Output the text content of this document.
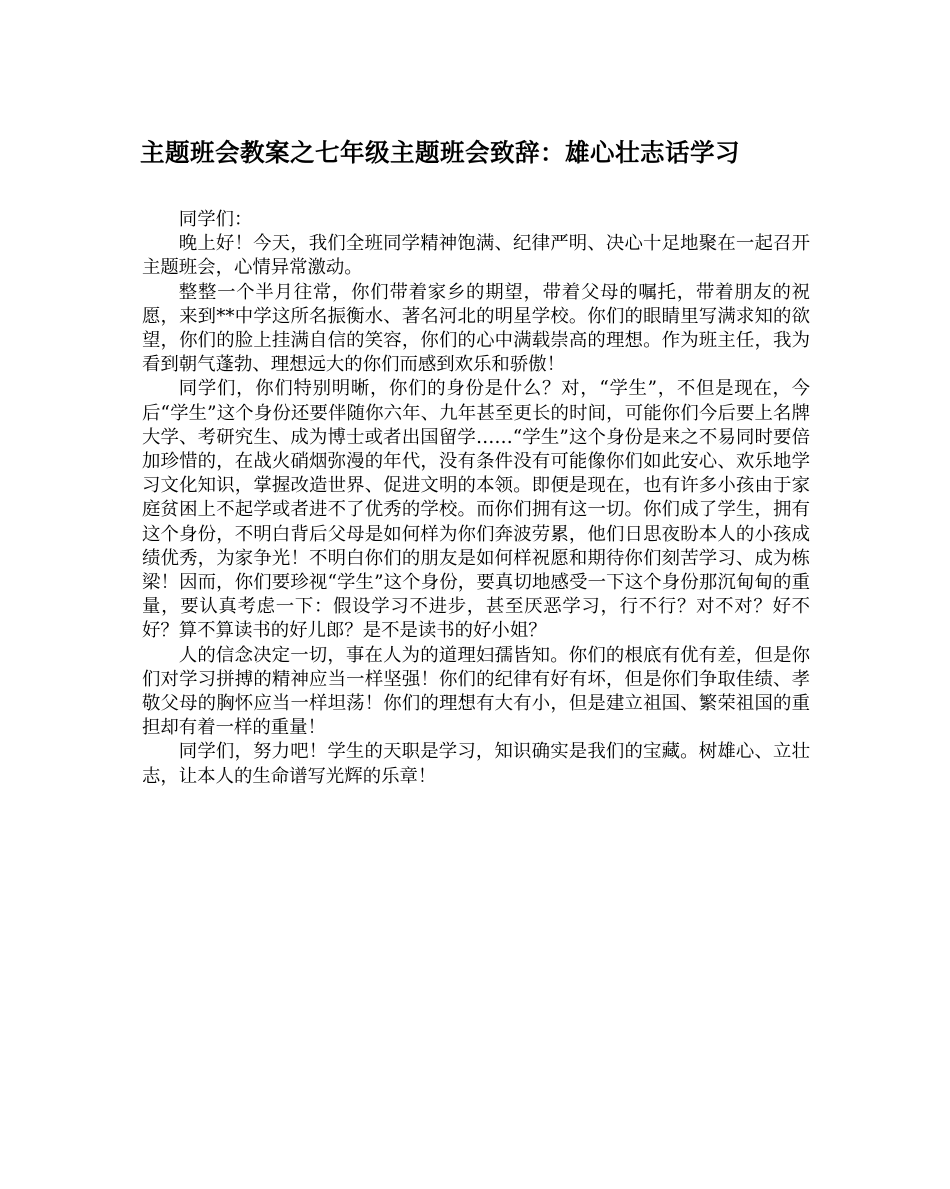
主题班会教案之七年级主题班会致辞：雄心壮志话学习

同学们：

晚上好！今天，我们全班同学精神饱满、纪律严明、决心十足地聚在一起召开主题班会，心情异常激动。

整整一个半月往常，你们带着家乡的期望，带着父母的嘱托，带着朋友的祝愿，来到**中学这所名振衡水、著名河北的明星学校。你们的眼睛里写满求知的欲望，你们的脸上挂满自信的笑容，你们的心中满载崇高的理想。作为班主任，我为看到朝气蓬勃、理想远大的你们而感到欢乐和骄傲！

同学们，你们特别明晰，你们的身份是什么？对，“学生”，不但是现在，今后“学生”这个身份还要伴随你六年、九年甚至更长的时间，可能你们今后要上名牌大学、考研究生、成为博士或者出国留学……“学生”这个身份是来之不易同时要倍加珍惜的，在战火硝烟弥漫的年代，没有条件没有可能像你们如此安心、欢乐地学习文化知识，掌握改造世界、促进文明的本领。即便是现在，也有许多小孩由于家庭贫困上不起学或者进不了优秀的学校。而你们拥有这一切。你们成了学生，拥有这个身份，不明白背后父母是如何样为你们奔波劳累，他们日思夜盼本人的小孩成绩优秀，为家争光！不明白你们的朋友是如何样祝愿和期待你们刻苦学习、成为栋梁！因而，你们要珍视“学生”这个身份，要真切地感受一下这个身份那沉甸甸的重量，要认真考虑一下：假设学习不进步，甚至厌恶学习，行不行？对不对？好不好？算不算读书的好儿郎？是不是读书的好小姐？

人的信念决定一切，事在人为的道理妇孺皆知。你们的根底有优有差，但是你们对学习拼搏的精神应当一样坚强！你们的纪律有好有坏，但是你们争取佳绩、孝敬父母的胸怀应当一样坦荡！你们的理想有大有小，但是建立祖国、繁荣祖国的重担却有着一样的重量！

同学们，努力吧！学生的天职是学习，知识确实是我们的宝藏。树雄心、立壮志，让本人的生命谱写光辉的乐章！
